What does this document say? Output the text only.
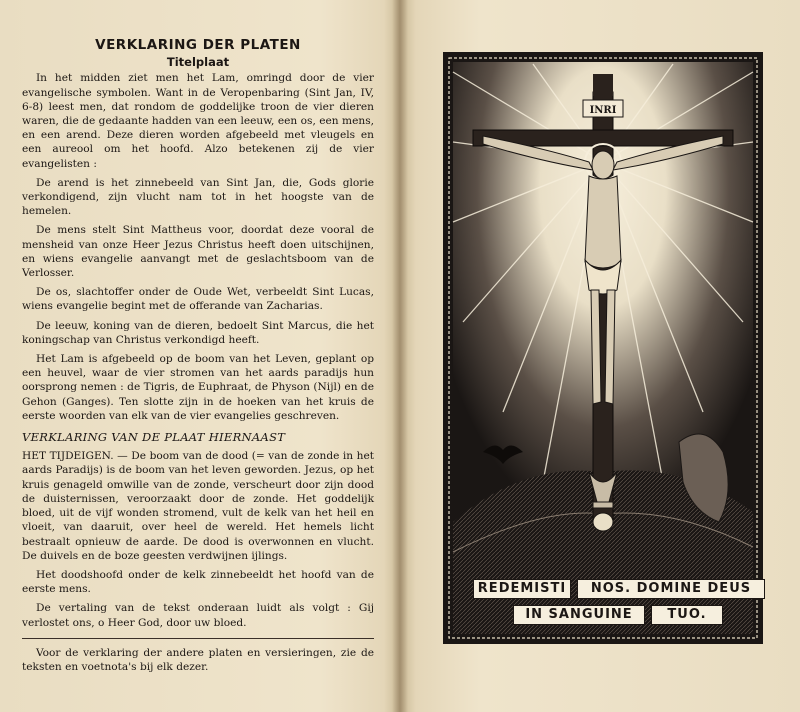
VERKLARING DER PLATEN
Titelplaat

In het midden ziet men het Lam, omringd door de vier evangelische symbolen. Want in de Veropenbaring (Sint Jan, IV, 6-8) leest men, dat rondom de goddelijke troon de vier dieren waren, die de gedaante hadden van een leeuw, een os, een mens, en een arend. Deze dieren worden afgebeeld met vleugels en een aureool om het hoofd. Alzo betekenen zij de vier evangelisten :

De arend is het zinnebeeld van Sint Jan, die, Gods glorie verkondigend, zijn vlucht nam tot in het hoogste van de hemelen.

De mens stelt Sint Mattheus voor, doordat deze vooral de mensheid van onze Heer Jezus Christus heeft doen uitschijnen, en wiens evangelie aanvangt met de geslachtsboom van de Verlosser.

De os, slachtoffer onder de Oude Wet, verbeeldt Sint Lucas, wiens evangelie begint met de offerande van Zacharias.

De leeuw, koning van de dieren, bedoelt Sint Marcus, die het koningschap van Christus verkondigd heeft.

Het Lam is afgebeeld op de boom van het Leven, geplant op een heuvel, waar de vier stromen van het aards paradijs hun oorsprong nemen : de Tigris, de Euphraat, de Physon (Nijl) en de Gehon (Ganges). Ten slotte zijn in de hoeken van het kruis de eerste woorden van elk van de vier evangelies geschreven.

VERKLARING VAN DE PLAAT HIERNAAST

HET TIJDEIGEN. — De boom van de dood (= van de zonde in het aards Paradijs) is de boom van het leven geworden. Jezus, op het kruis genageld omwille van de zonde, verscheurt door zijn dood de duisternissen, veroorzaakt door de zonde. Het goddelijk bloed, uit de vijf wonden stromend, vult de kelk van het heil en vloeit, van daaruit, over heel de wereld. Het hemels licht bestraalt opnieuw de aarde. De dood is overwonnen en vlucht. De duivels en de boze geesten verdwijnen ijlings.

Het doodshoofd onder de kelk zinnebeeldt het hoofd van de eerste mens.

De vertaling van de tekst onderaan luidt als volgt : Gij verlostet ons, o Heer God, door uw bloed.

Voor de verklaring der andere platen en versieringen, zie de teksten en voetnota's bij elk dezer.

INRI
REDEMISTI	NOS. DOMINE DEUS
IN SANGUINE	TUO.
